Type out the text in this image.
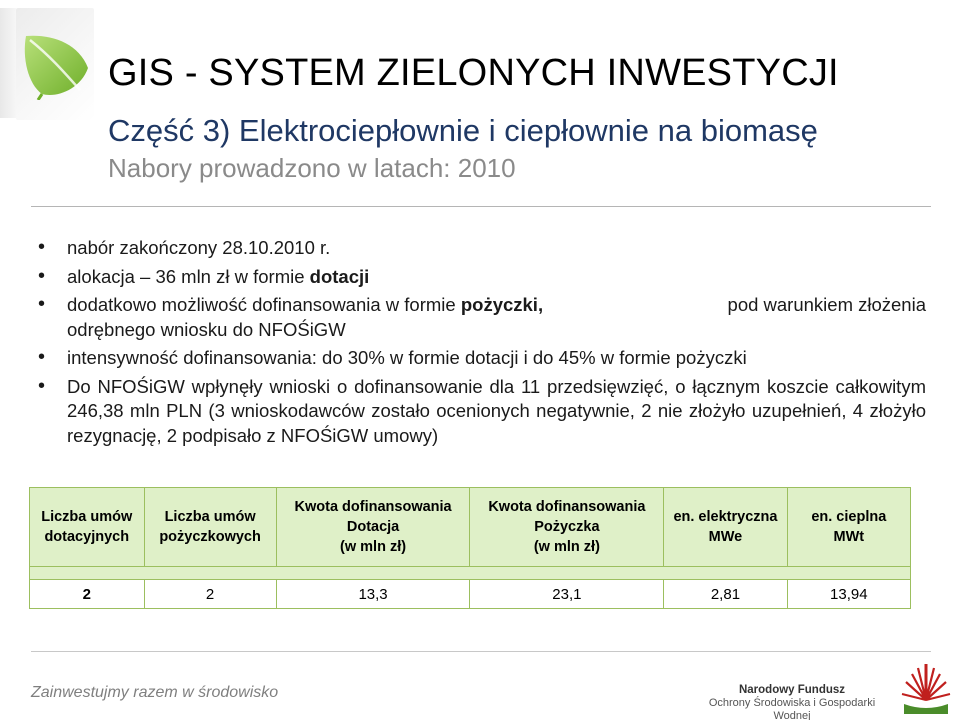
GIS - SYSTEM ZIELONYCH INWESTYCJI
Część 3) Elektrociepłownie i ciepłownie na biomasę
Nabory prowadzono w latach: 2010
• nabór zakończony 28.10.2010 r.
• alokacja – 36 mln zł w formie dotacji
•	pod warunkiem złożenia
dodatkowo możliwość dofinansowania w formie pożyczki,
odrębnego wniosku do NFOŚiGW
• intensywność dofinansowania: do 30% w formie dotacji i do 45% w formie pożyczki
• Do NFOŚiGW wpłynęły wnioski o dofinansowanie dla 11 przedsięwzięć, o łącznym koszcie całkowitym 246,38 mln PLN (3 wnioskodawców zostało ocenionych negatywnie, 2 nie złożyło uzupełnień, 4 złożyło rezygnację, 2 podpisało z NFOŚiGW umowy)
Liczba umów
dotacyjnych	Liczba umów
pożyczkowych	Kwota dofinansowania
Dotacja
(w mln zł)	Kwota dofinansowania
Pożyczka
(w mln zł)	en. elektryczna
MWe	en. cieplna
MWt

2	2	13,3	23,1	2,81	13,94
Zainwestujmy razem w środowisko	Narodowy Fundusz
Ochrony Środowiska i Gospodarki Wodnej
